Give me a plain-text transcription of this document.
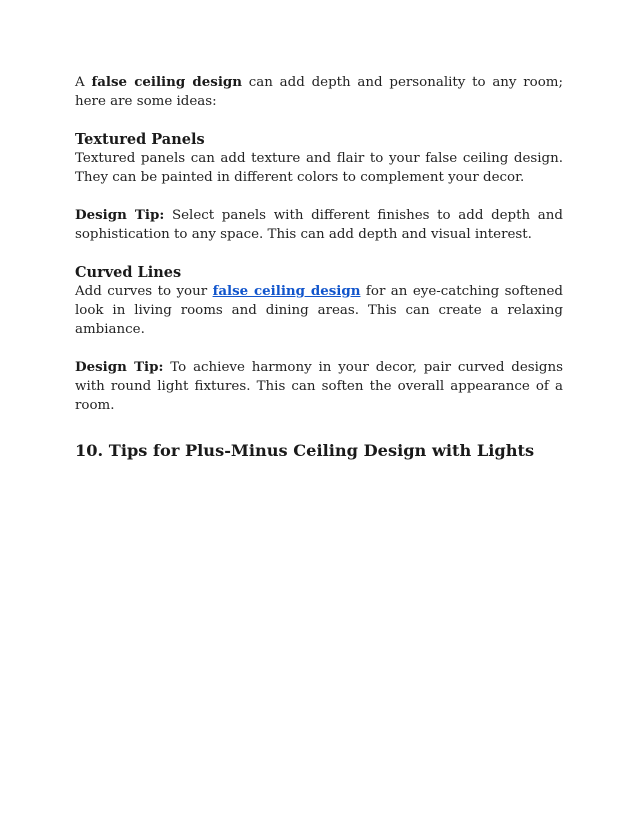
A false ceiling design can add depth and personality to any room; here are some ideas:

Textured Panels

Textured panels can add texture and flair to your false ceiling design. They can be painted in different colors to complement your decor.

Design Tip: Select panels with different finishes to add depth and sophistication to any space. This can add depth and visual interest.

Curved Lines

Add curves to your false ceiling design for an eye-catching softened look in living rooms and dining areas. This can create a relaxing ambiance.

Design Tip: To achieve harmony in your decor, pair curved designs with round light fixtures. This can soften the overall appearance of a room.

10. Tips for Plus-Minus Ceiling Design with Lights
